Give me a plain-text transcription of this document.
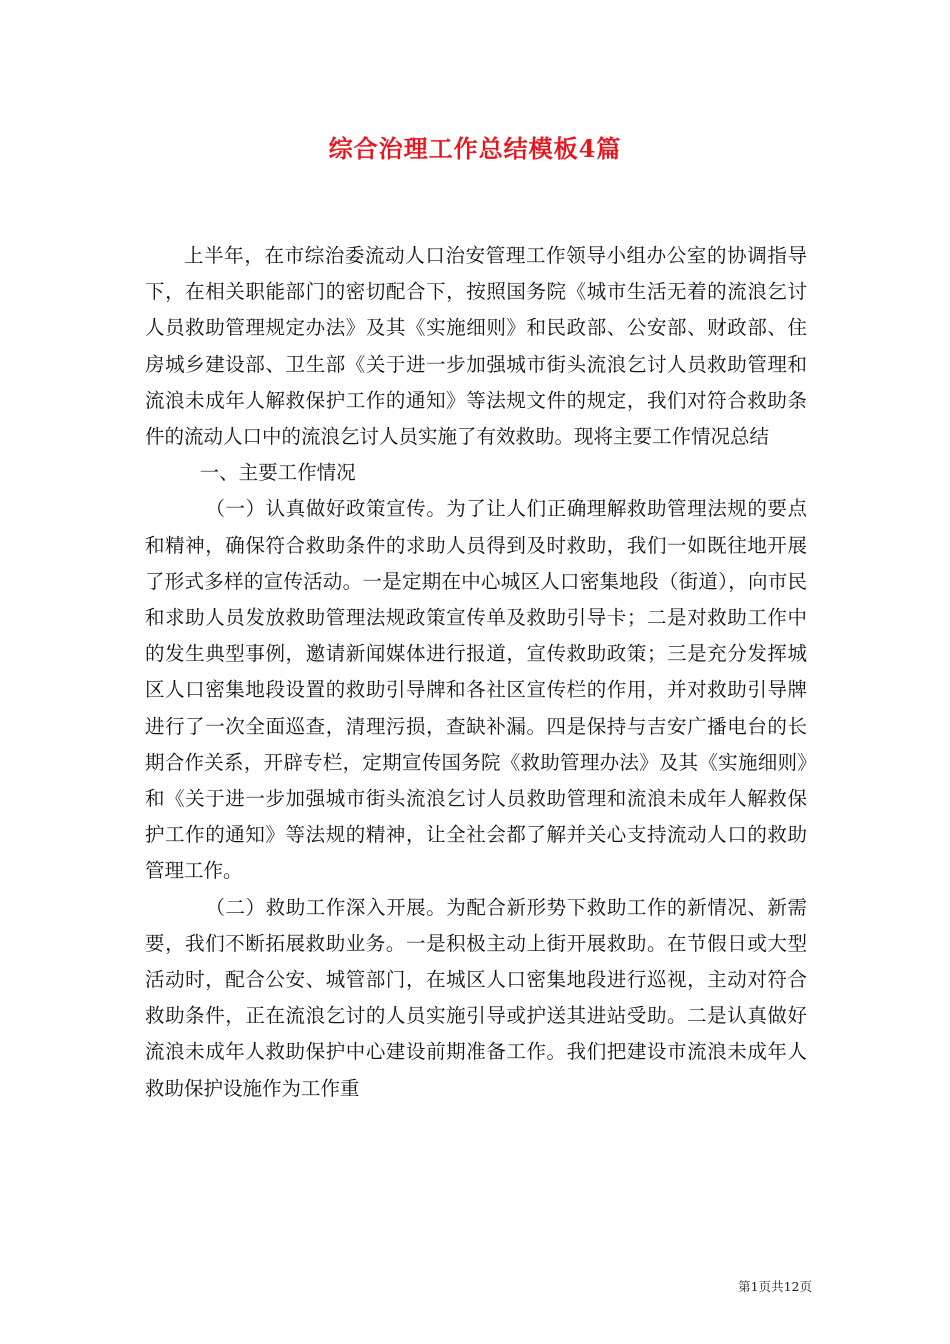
综合治理工作总结模板4篇

上半年，在市综治委流动人口治安管理工作领导小组办公室的协调指导下，在相关职能部门的密切配合下，按照国务院《城市生活无着的流浪乞讨人员救助管理规定办法》及其《实施细则》和民政部、公安部、财政部、住房城乡建设部、卫生部《关于进一步加强城市街头流浪乞讨人员救助管理和流浪未成年人解救保护工作的通知》等法规文件的规定，我们对符合救助条件的流动人口中的流浪乞讨人员实施了有效救助。现将主要工作情况总结

一、主要工作情况

（一）认真做好政策宣传。为了让人们正确理解救助管理法规的要点和精神，确保符合救助条件的求助人员得到及时救助，我们一如既往地开展了形式多样的宣传活动。一是定期在中心城区人口密集地段（街道），向市民和求助人员发放救助管理法规政策宣传单及救助引导卡；二是对救助工作中的发生典型事例，邀请新闻媒体进行报道，宣传救助政策；三是充分发挥城区人口密集地段设置的救助引导牌和各社区宣传栏的作用，并对救助引导牌进行了一次全面巡查，清理污损，查缺补漏。四是保持与吉安广播电台的长期合作关系，开辟专栏，定期宣传国务院《救助管理办法》及其《实施细则》和《关于进一步加强城市街头流浪乞讨人员救助管理和流浪未成年人解救保护工作的通知》等法规的精神，让全社会都了解并关心支持流动人口的救助管理工作。

（二）救助工作深入开展。为配合新形势下救助工作的新情况、新需要，我们不断拓展救助业务。一是积极主动上街开展救助。在节假日或大型活动时，配合公安、城管部门，在城区人口密集地段进行巡视，主动对符合救助条件，正在流浪乞讨的人员实施引导或护送其进站受助。二是认真做好流浪未成年人救助保护中心建设前期准备工作。我们把建设市流浪未成年人救助保护设施作为工作重

第1页共12页
